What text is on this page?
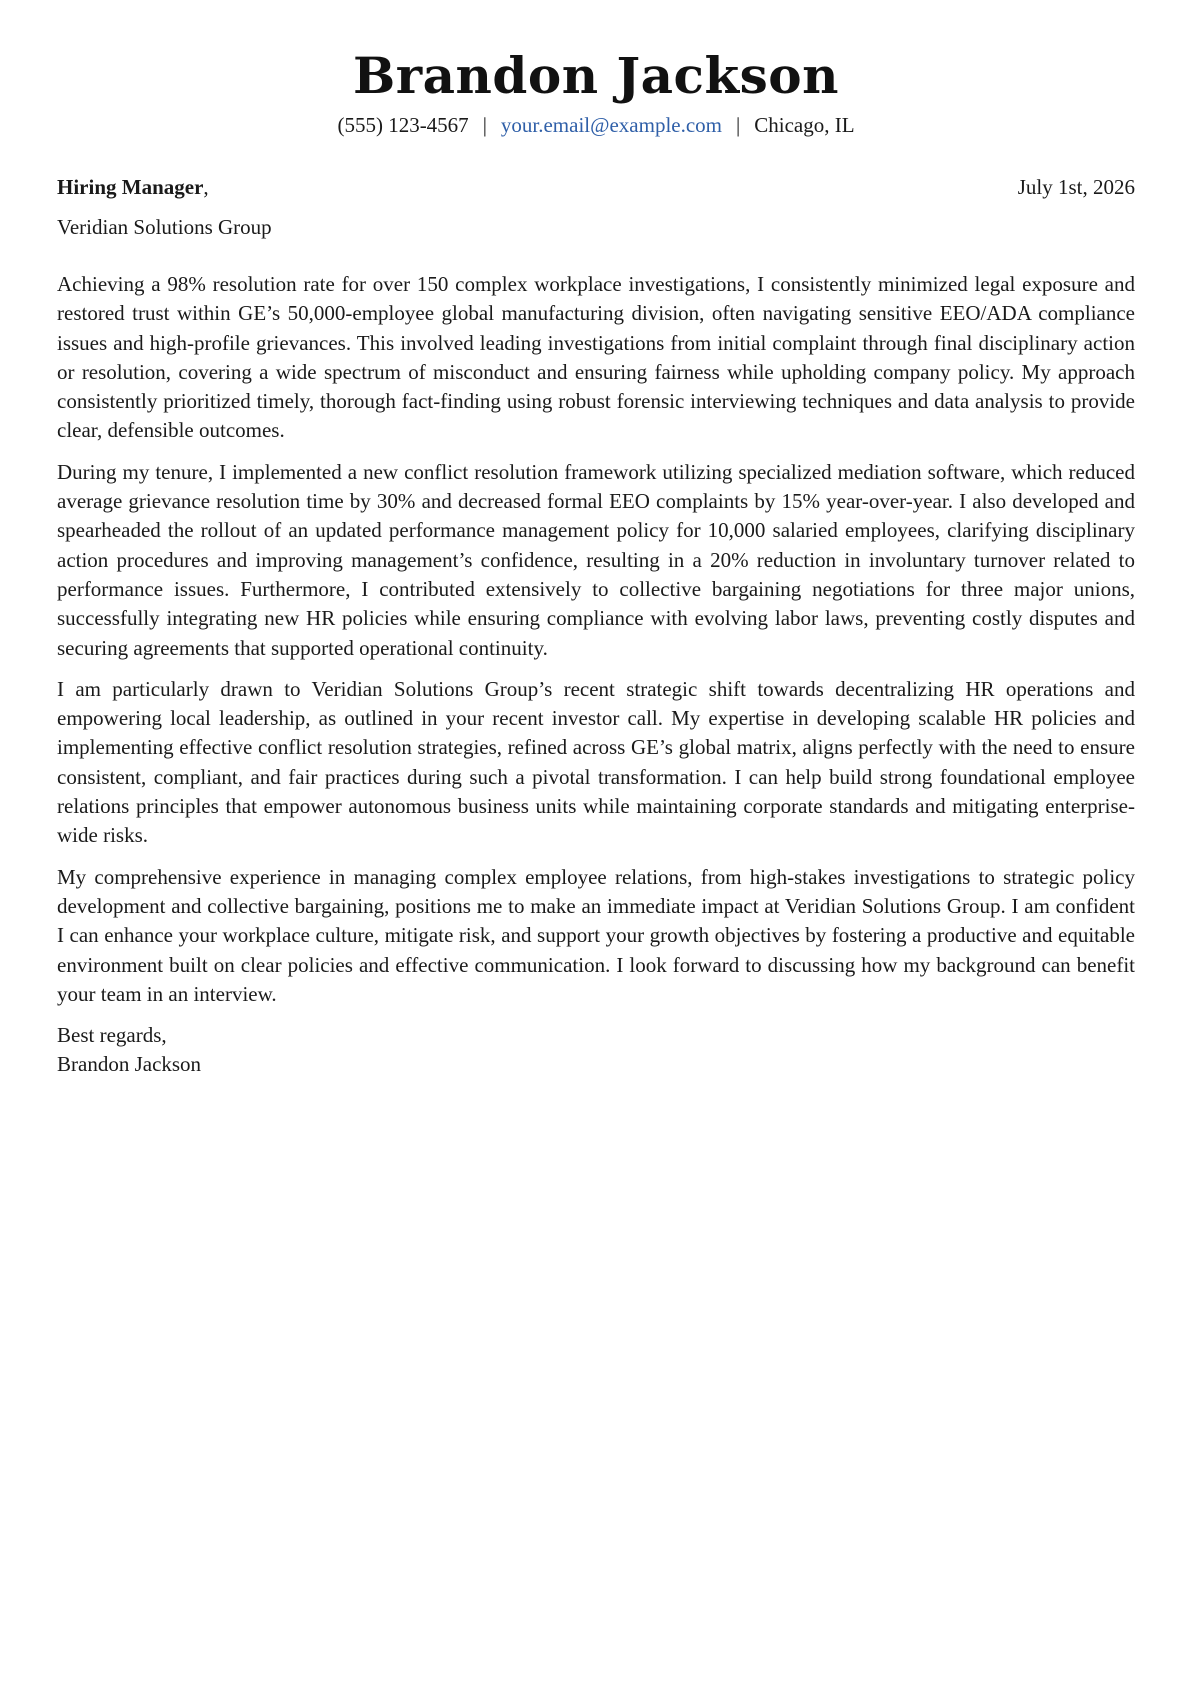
Brandon Jackson
(555) 123-4567 | your.email@example.com | Chicago, IL
Hiring Manager,	July 1st, 2026
Veridian Solutions Group

Achieving a 98% resolution rate for over 150 complex workplace investigations, I consistently minimized legal exposure and restored trust within GE’s 50,000-employee global manufacturing division, often navigating sensitive EEO/ADA compliance issues and high-profile grievances. This involved leading investigations from initial complaint through final disciplinary action or resolution, covering a wide spectrum of misconduct and ensuring fairness while upholding company policy. My approach consistently prioritized timely, thorough fact-finding using robust forensic interviewing techniques and data analysis to provide clear, defensible outcomes.

During my tenure, I implemented a new conflict resolution framework utilizing specialized mediation software, which reduced average grievance resolution time by 30% and decreased formal EEO complaints by 15% year-over-year. I also developed and spearheaded the rollout of an updated performance management policy for 10,000 salaried employees, clarifying disciplinary action procedures and improving management’s confidence, resulting in a 20% reduction in involuntary turnover related to performance issues. Furthermore, I contributed extensively to collective bargaining negotiations for three major unions, successfully integrating new HR policies while ensuring compliance with evolving labor laws, preventing costly disputes and securing agreements that supported operational continuity.

I am particularly drawn to Veridian Solutions Group’s recent strategic shift towards decentralizing HR operations and empowering local leadership, as outlined in your recent investor call. My expertise in developing scalable HR policies and implementing effective conflict resolution strategies, refined across GE’s global matrix, aligns perfectly with the need to ensure consistent, compliant, and fair practices during such a pivotal transformation. I can help build strong foundational employee relations principles that empower autonomous business units while maintaining corporate standards and mitigating enterprise-wide risks.

My comprehensive experience in managing complex employee relations, from high-stakes investigations to strategic policy development and collective bargaining, positions me to make an immediate impact at Veridian Solutions Group. I am confident I can enhance your workplace culture, mitigate risk, and support your growth objectives by fostering a productive and equitable environment built on clear policies and effective communication. I look forward to discussing how my background can benefit your team in an interview.

Best regards,
Brandon Jackson
